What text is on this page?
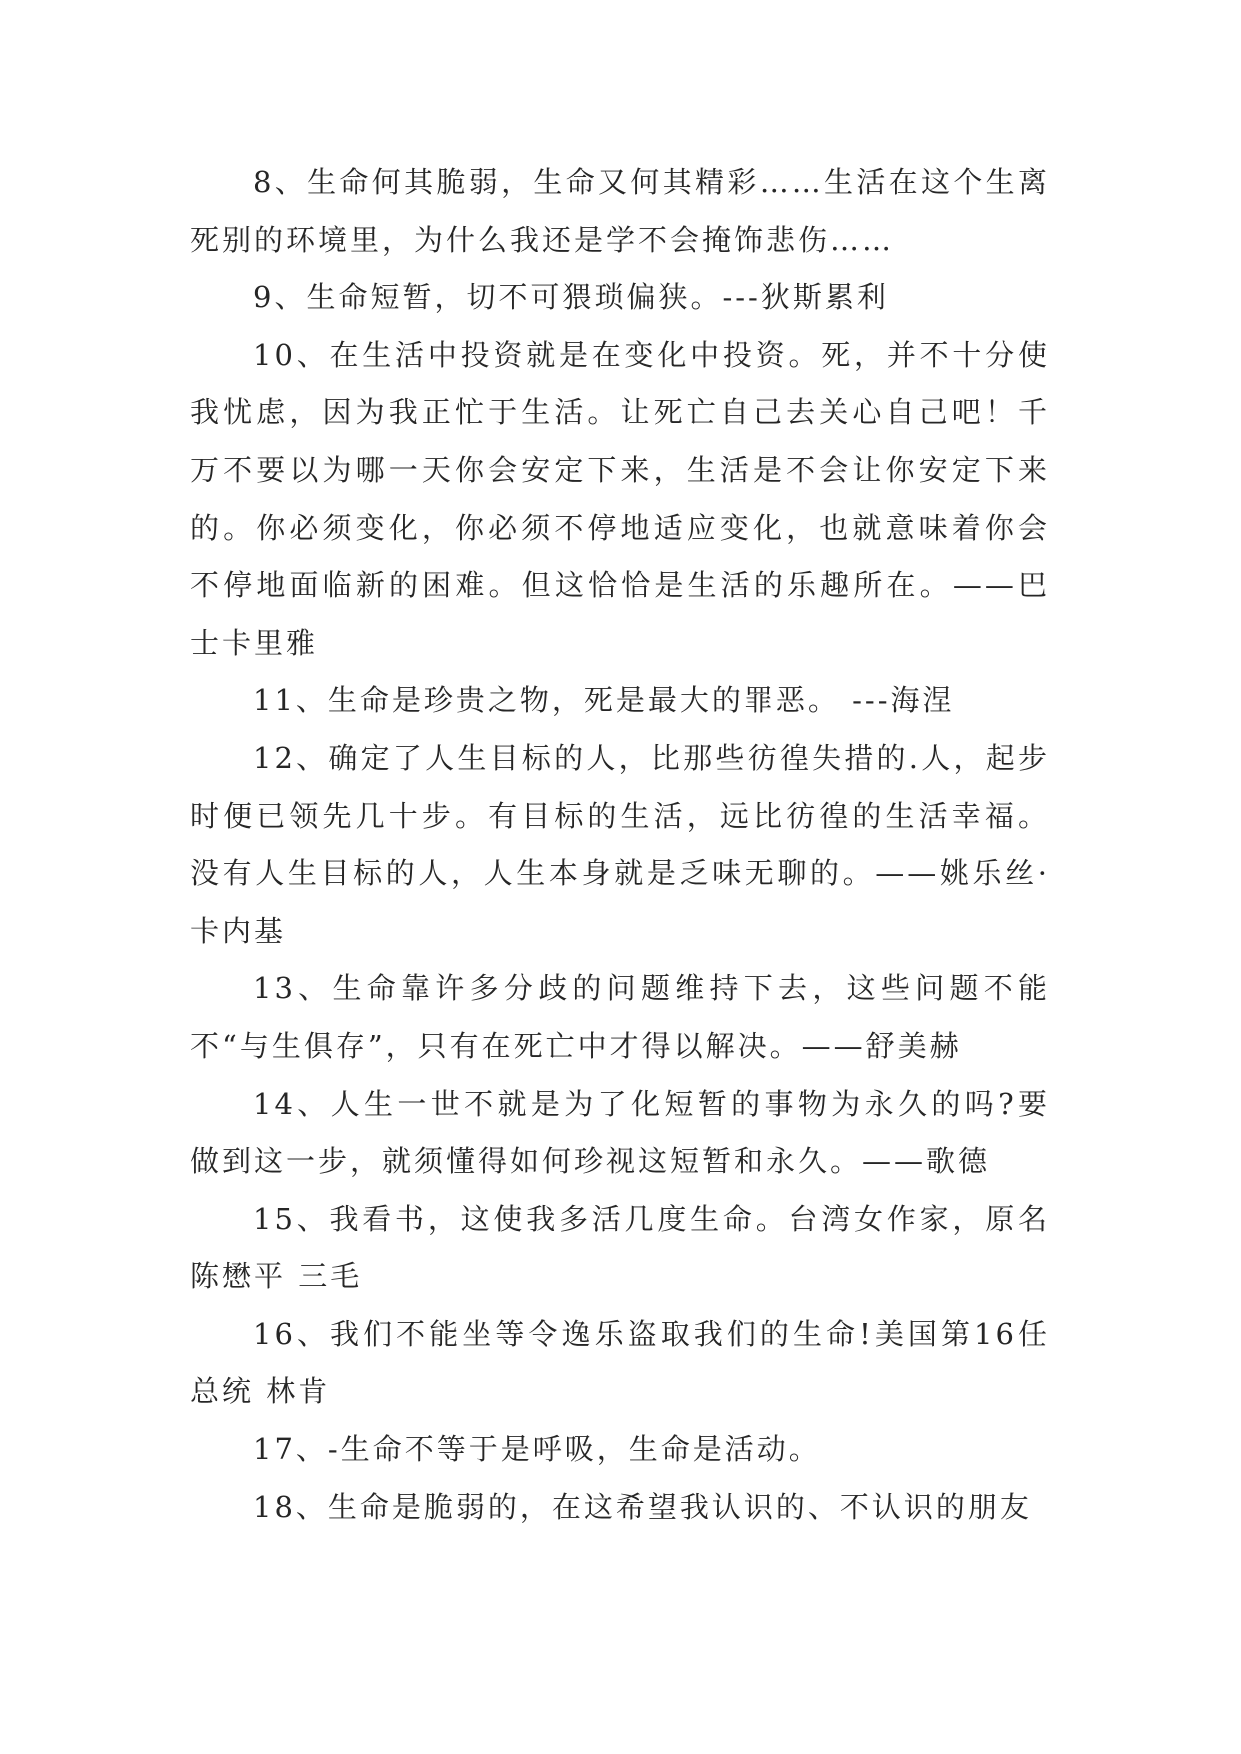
8、生命何其脆弱，生命又何其精彩……生活在这个生离死别的环境里，为什么我还是学不会掩饰悲伤……

9、生命短暂，切不可猥琐偏狭。---狄斯累利

10、在生活中投资就是在变化中投资。死，并不十分使我忧虑，因为我正忙于生活。让死亡自己去关心自己吧！千万不要以为哪一天你会安定下来，生活是不会让你安定下来的。你必须变化，你必须不停地适应变化，也就意味着你会不停地面临新的困难。但这恰恰是生活的乐趣所在。——巴士卡里雅

11、生命是珍贵之物，死是最大的罪恶。 ---海涅

12、确定了人生目标的人，比那些彷徨失措的.人，起步时便已领先几十步。有目标的生活，远比彷徨的生活幸福。没有人生目标的人，人生本身就是乏味无聊的。——姚乐丝·卡内基

13、生命靠许多分歧的问题维持下去，这些问题不能不“与生俱存”，只有在死亡中才得以解决。——舒美赫

14、人生一世不就是为了化短暂的事物为永久的吗?要做到这一步，就须懂得如何珍视这短暂和永久。——歌德

15、我看书，这使我多活几度生命。台湾女作家，原名陈懋平 三毛

16、我们不能坐等令逸乐盗取我们的生命!美国第16任总统 林肯

17、-生命不等于是呼吸，生命是活动。

18、生命是脆弱的，在这希望我认识的、不认识的朋友
